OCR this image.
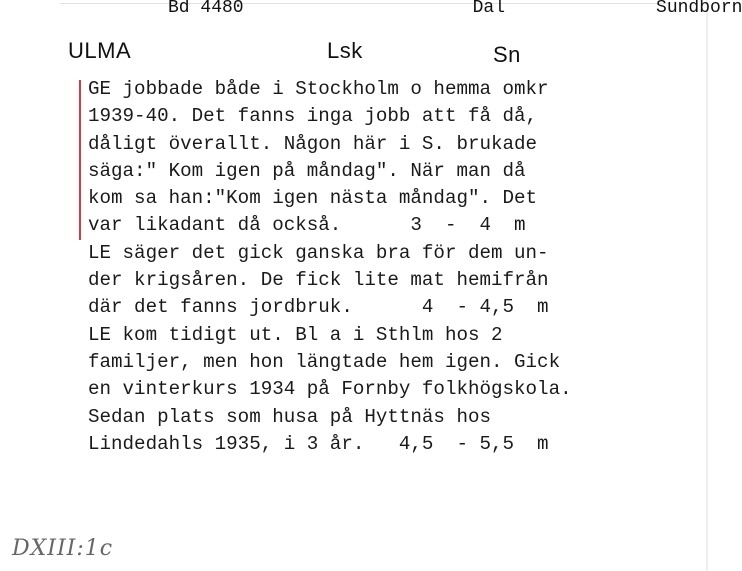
ULMA
Bd 4480
Lsk
Dal
Sn
Sundborn
GE jobbade både i Stockholm o hemma omkr
1939-40. Det fanns inga jobb att få då,
dåligt överallt. Någon här i S. brukade
säga:" Kom igen på måndag". När man då
kom sa han:"Kom igen nästa måndag". Det
var likadant då också.      3  -  4  m
LE säger det gick ganska bra för dem un-
der krigsåren. De fick lite mat hemifrån
där det fanns jordbruk.      4  - 4,5  m
LE kom tidigt ut. Bl a i Sthlm hos 2
familjer, men hon längtade hem igen. Gick
en vinterkurs 1934 på Fornby folkhögskola.
Sedan plats som husa på Hyttnäs hos
Lindedahls 1935, i 3 år.   4,5  - 5,5  m
DXIII:1c
